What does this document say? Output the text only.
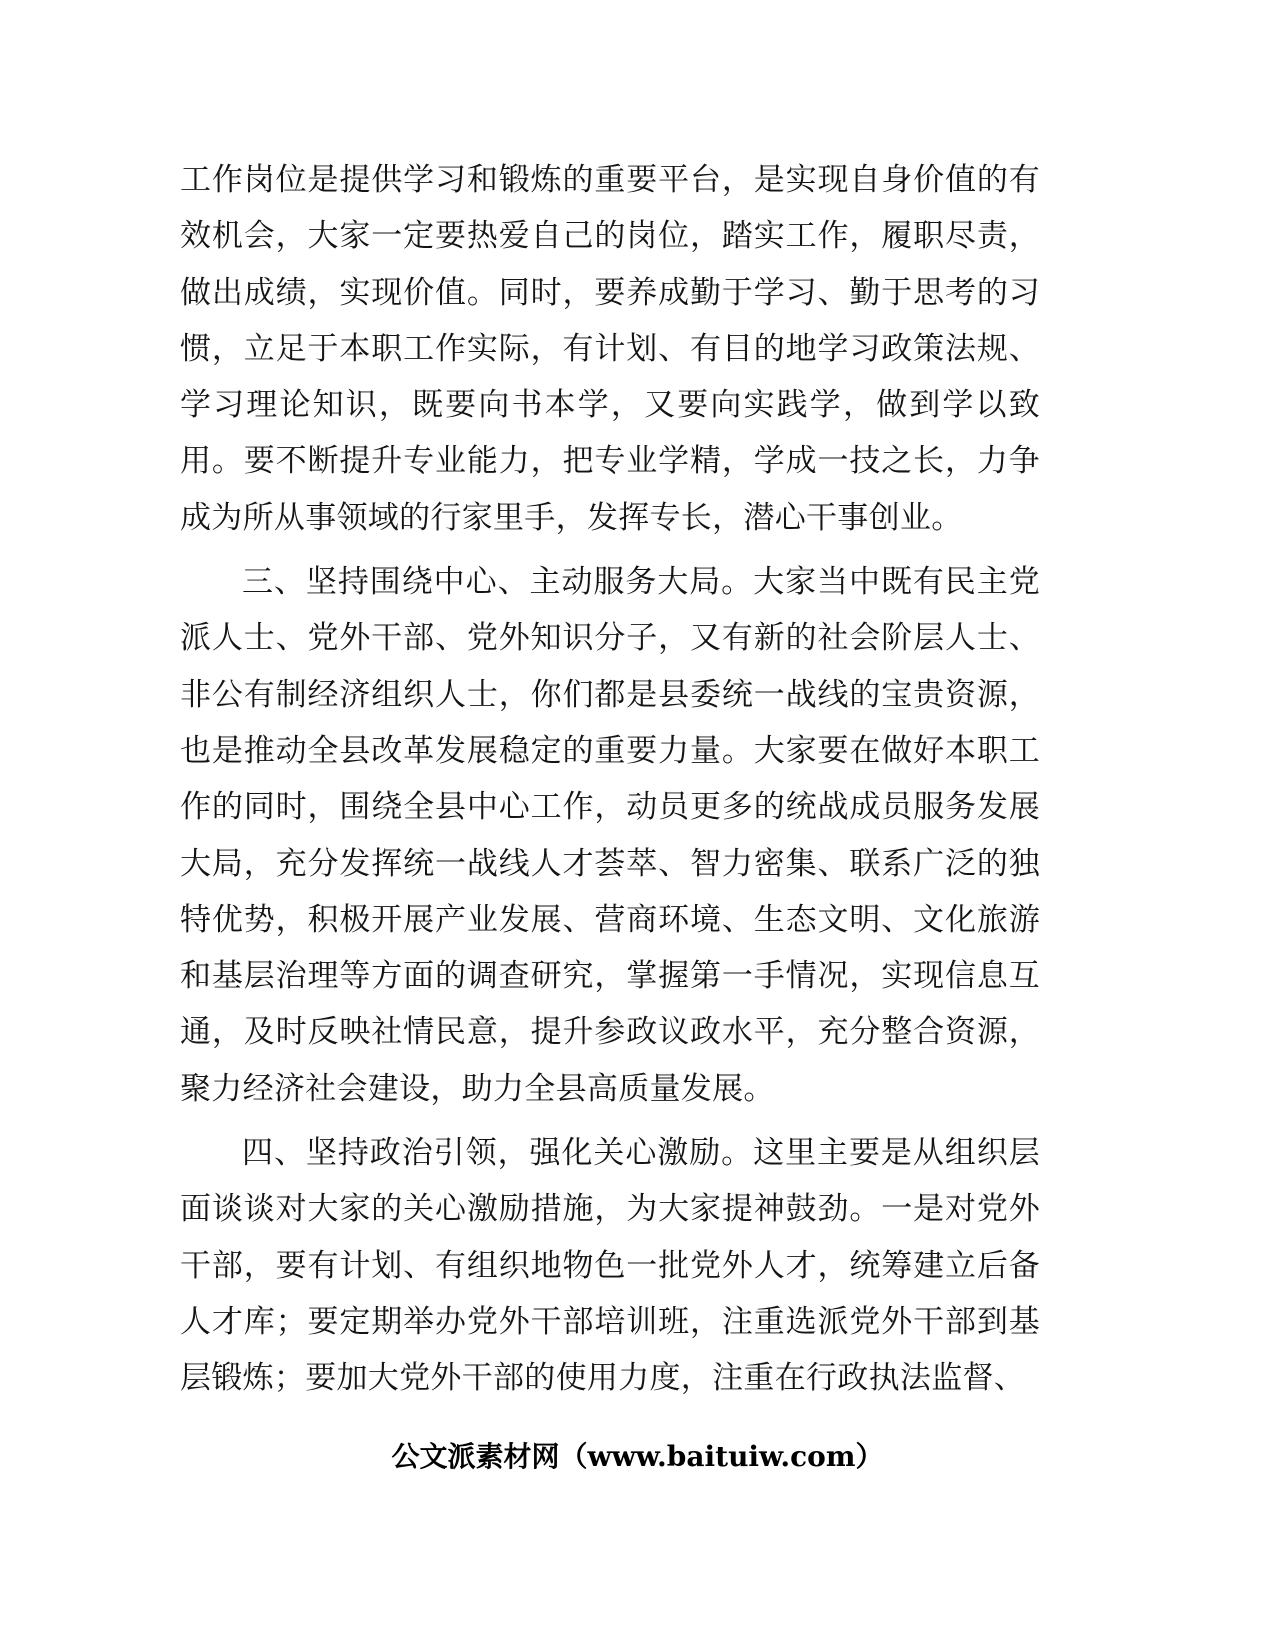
工作岗位是提供学习和锻炼的重要平台，是实现自身价值的有效机会，大家一定要热爱自己的岗位，踏实工作，履职尽责，做出成绩，实现价值。同时，要养成勤于学习、勤于思考的习惯，立足于本职工作实际，有计划、有目的地学习政策法规、学习理论知识，既要向书本学，又要向实践学，做到学以致用。要不断提升专业能力，把专业学精，学成一技之长，力争成为所从事领域的行家里手，发挥专长，潜心干事创业。

三、坚持围绕中心、主动服务大局。大家当中既有民主党派人士、党外干部、党外知识分子，又有新的社会阶层人士、非公有制经济组织人士，你们都是县委统一战线的宝贵资源，也是推动全县改革发展稳定的重要力量。大家要在做好本职工作的同时，围绕全县中心工作，动员更多的统战成员服务发展大局，充分发挥统一战线人才荟萃、智力密集、联系广泛的独特优势，积极开展产业发展、营商环境、生态文明、文化旅游和基层治理等方面的调查研究，掌握第一手情况，实现信息互通，及时反映社情民意，提升参政议政水平，充分整合资源，聚力经济社会建设，助力全县高质量发展。

四、坚持政治引领，强化关心激励。这里主要是从组织层面谈谈对大家的关心激励措施，为大家提神鼓劲。一是对党外干部，要有计划、有组织地物色一批党外人才，统筹建立后备人才库；要定期举办党外干部培训班，注重选派党外干部到基层锻炼；要加大党外干部的使用力度，注重在行政执法监督、

公文派素材网（www.baituiw.com）
